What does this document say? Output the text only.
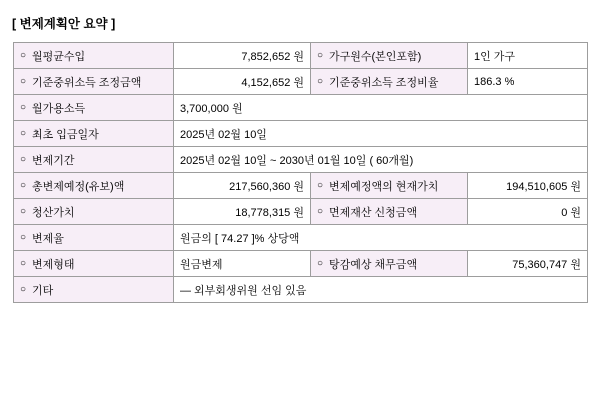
[ 변제계획안 요약 ]
○ 월평균수입	7,852,652 원	○ 가구원수(본인포함)	1인 가구
○ 기준중위소득 조정금액	4,152,652 원	○ 기준중위소득 조정비율	186.3 %
○ 월가용소득	3,700,000 원		
○ 최초 입금일자	2025년 02월 10일		
○ 변제기간	2025년 02월 10일 ~ 2030년 01월 10일 ( 60개월)		
○ 총변제예정(유보)액	217,560,360 원	○ 변제예정액의 현재가치	194,510,605 원
○ 청산가치	18,778,315 원	○ 면제재산 신청금액	0 원
○ 변제율	원금의 [ 74.27 ]% 상당액		
○ 변제형태	원금변제	○ 탕감예상 채무금액	75,360,747 원
○ 기타	— 외부회생위원 선임 있음		
